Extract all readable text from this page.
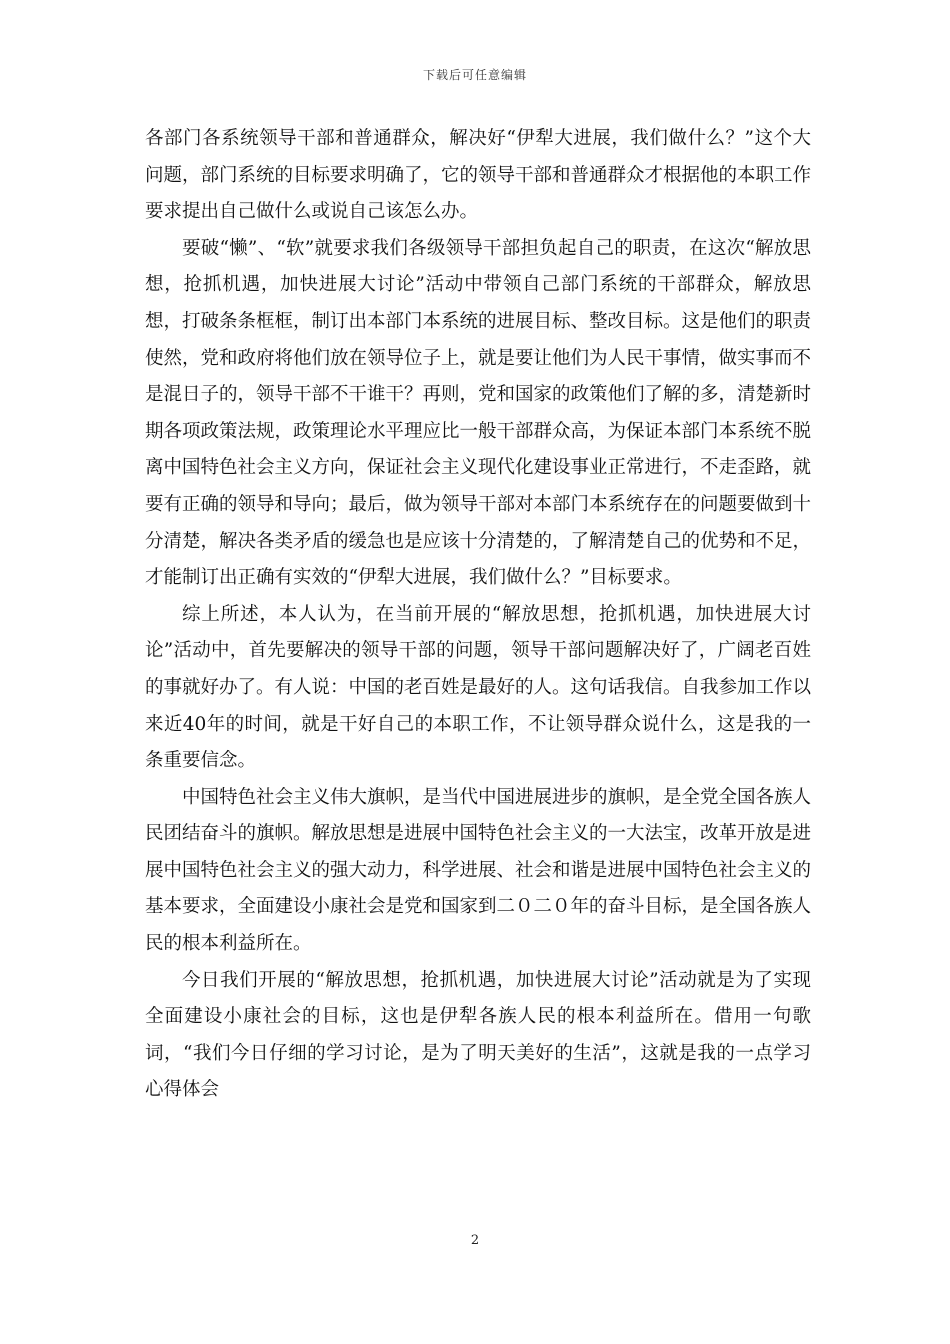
下载后可任意编辑

各部门各系统领导干部和普通群众，解决好“伊犁大进展，我们做什么？”这个大问题，部门系统的目标要求明确了，它的领导干部和普通群众才根据他的本职工作要求提出自己做什么或说自己该怎么办。

要破“懒”、“软”就要求我们各级领导干部担负起自己的职责，在这次“解放思想，抢抓机遇，加快进展大讨论”活动中带领自己部门系统的干部群众，解放思想，打破条条框框，制订出本部门本系统的进展目标、整改目标。这是他们的职责使然，党和政府将他们放在领导位子上，就是要让他们为人民干事情，做实事而不是混日子的，领导干部不干谁干？再则，党和国家的政策他们了解的多，清楚新时期各项政策法规，政策理论水平理应比一般干部群众高，为保证本部门本系统不脱离中国特色社会主义方向，保证社会主义现代化建设事业正常进行，不走歪路，就要有正确的领导和导向；最后，做为领导干部对本部门本系统存在的问题要做到十分清楚，解决各类矛盾的缓急也是应该十分清楚的，了解清楚自己的优势和不足，才能制订出正确有实效的“伊犁大进展，我们做什么？”目标要求。

综上所述，本人认为，在当前开展的“解放思想，抢抓机遇，加快进展大讨论”活动中，首先要解决的领导干部的问题，领导干部问题解决好了，广阔老百姓的事就好办了。有人说：中国的老百姓是最好的人。这句话我信。自我参加工作以来近40年的时间，就是干好自己的本职工作，不让领导群众说什么，这是我的一条重要信念。

中国特色社会主义伟大旗帜，是当代中国进展进步的旗帜，是全党全国各族人民团结奋斗的旗帜。解放思想是进展中国特色社会主义的一大法宝，改革开放是进展中国特色社会主义的强大动力，科学进展、社会和谐是进展中国特色社会主义的基本要求，全面建设小康社会是党和国家到二０二０年的奋斗目标，是全国各族人民的根本利益所在。

今日我们开展的“解放思想，抢抓机遇，加快进展大讨论”活动就是为了实现全面建设小康社会的目标，这也是伊犁各族人民的根本利益所在。借用一句歌词，“我们今日仔细的学习讨论，是为了明天美好的生活”，这就是我的一点学习心得体会

2
